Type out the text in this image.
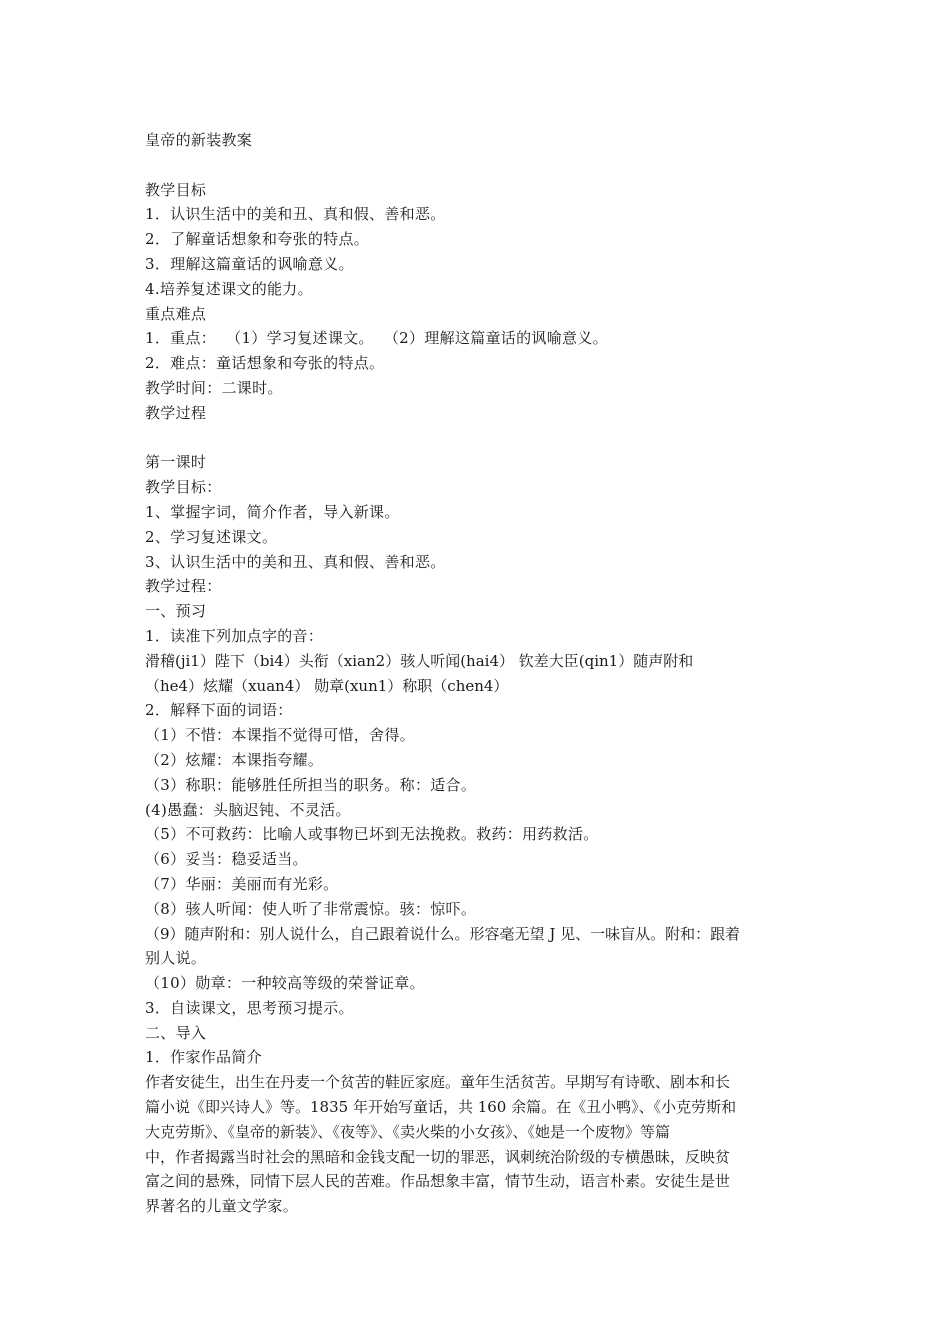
皇帝的新装教案
教学目标
1．认识生活中的美和丑、真和假、善和恶。
2．了解童话想象和夸张的特点。
3．理解这篇童话的讽喻意义。
4.培养复述课文的能力。
重点难点
1．重点：  （1）学习复述课文。  （2）理解这篇童话的讽喻意义。
2．难点：童话想象和夸张的特点。
教学时间：二课时。
教学过程
第一课时
教学目标：
1、掌握字词，简介作者，导入新课。
2、学习复述课文。
3、认识生活中的美和丑、真和假、善和恶。
教学过程：
一、预习
1．读准下列加点字的音：
滑稽(ji1）陛下（bi4）头衔（xian2）骇人听闻(hai4） 钦差大臣(qin1）随声附和
（he4）炫耀（xuan4） 勋章(xun1）称职（chen4）
2．解释下面的词语：
（1）不惜：本课指不觉得可惜，舍得。
（2）炫耀：本课指夸耀。
（3）称职：能够胜任所担当的职务。称：适合。
(4)愚蠢：头脑迟钝、不灵活。
（5）不可救药：比喻人或事物已坏到无法挽救。救药：用药救活。
（6）妥当：稳妥适当。
（7）华丽：美丽而有光彩。
（8）骇人听闻：使人听了非常震惊。骇：惊吓。
（9）随声附和：别人说什么，自己跟着说什么。形容毫无望 J 见、一味盲从。附和：跟着
别人说。
（10）勋章：一种较高等级的荣誉证章。
3．自读课文，思考预习提示。
二、导入
1．作家作品简介
作者安徒生，出生在丹麦一个贫苦的鞋匠家庭。童年生活贫苦。早期写有诗歌、剧本和长
篇小说《即兴诗人》等。1835 年开始写童话，共 160 余篇。在《丑小鸭》、《小克劳斯和
大克劳斯》、《皇帝的新装》、《夜等》、《卖火柴的小女孩》、《她是一个废物》等篇
中，作者揭露当时社会的黑暗和金钱支配一切的罪恶，讽刺统治阶级的专横愚昧，反映贫
富之间的悬殊，同情下层人民的苦难。作品想象丰富，情节生动，语言朴素。安徒生是世
界著名的儿童文学家。
